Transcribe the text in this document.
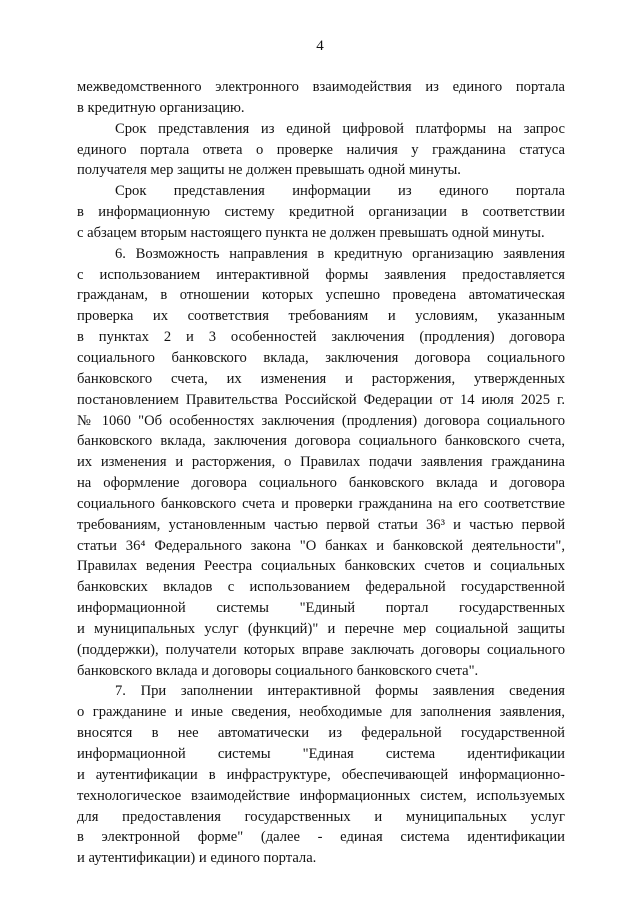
4
межведомственного электронного взаимодействия из единого портала
в кредитную организацию.
Срок представления из единой цифровой платформы на запрос
единого портала ответа о проверке наличия у гражданина статуса
получателя мер защиты не должен превышать одной минуты.
Срок представления информации из единого портала
в информационную систему кредитной организации в соответствии
с абзацем вторым настоящего пункта не должен превышать одной минуты.
6. Возможность направления в кредитную организацию заявления
с использованием интерактивной формы заявления предоставляется
гражданам, в отношении которых успешно проведена автоматическая
проверка их соответствия требованиям и условиям, указанным
в пунктах 2 и 3 особенностей заключения (продления) договора
социального банковского вклада, заключения договора социального
банковского счета, их изменения и расторжения, утвержденных
постановлением Правительства Российской Федерации от 14 июля 2025 г.
№ 1060 "Об особенностях заключения (продления) договора социального
банковского вклада, заключения договора социального банковского счета,
их изменения и расторжения, о Правилах подачи заявления гражданина
на оформление договора социального банковского вклада и договора
социального банковского счета и проверки гражданина на его соответствие
требованиям, установленным частью первой статьи 36³ и частью первой
статьи 36⁴ Федерального закона "О банках и банковской деятельности",
Правилах ведения Реестра социальных банковских счетов и социальных
банковских вкладов с использованием федеральной государственной
информационной системы "Единый портал государственных
и муниципальных услуг (функций)" и перечне мер социальной защиты
(поддержки), получатели которых вправе заключать договоры социального
банковского вклада и договоры социального банковского счета".
7. При заполнении интерактивной формы заявления сведения
о гражданине и иные сведения, необходимые для заполнения заявления,
вносятся в нее автоматически из федеральной государственной
информационной системы "Единая система идентификации
и аутентификации в инфраструктуре, обеспечивающей информационно-
технологическое взаимодействие информационных систем, используемых
для предоставления государственных и муниципальных услуг
в электронной форме" (далее - единая система идентификации
и аутентификации) и единого портала.
